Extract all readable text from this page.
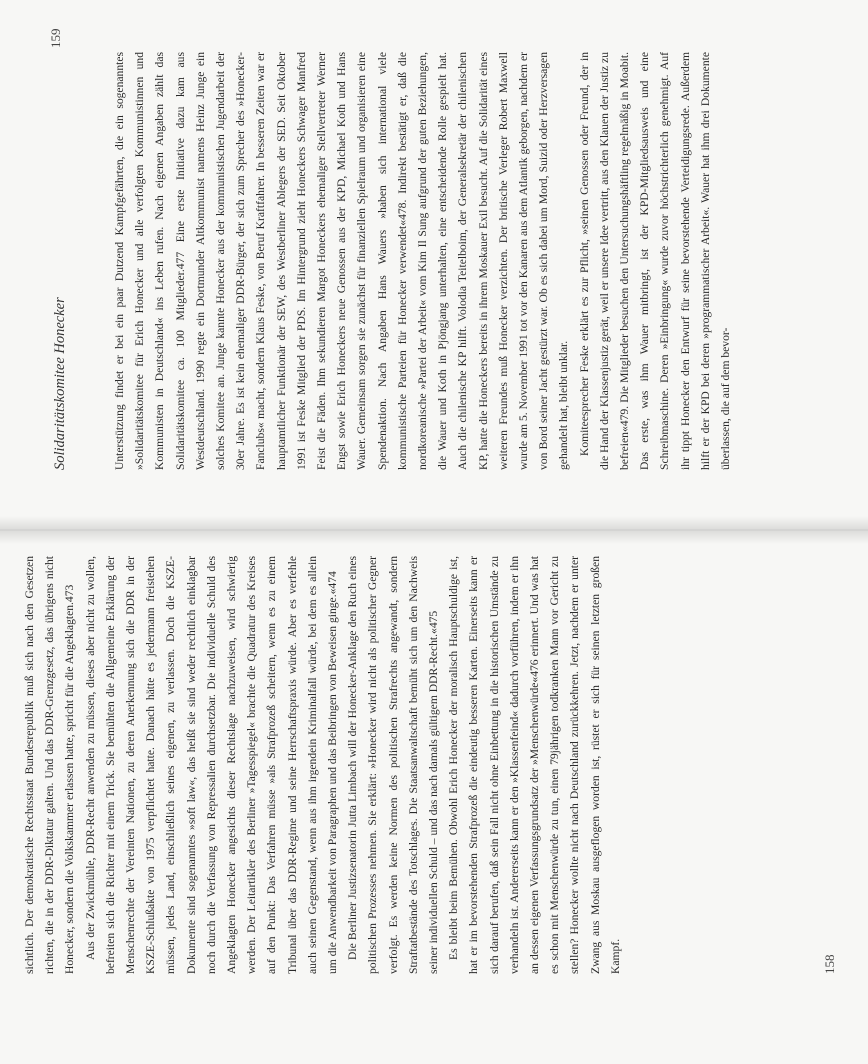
sichtlich. Der demokratische Rechtsstaat Bundesrepublik muß sich nach den Gesetzen richten, die in der DDR-Diktatur galten. Und das DDR-Grenzgesetz, das übrigens nicht Honecker, sondern die Volkskammer erlassen hatte, spricht für die Angeklagten.473 Aus der Zwickmühle, DDR-Recht anwenden zu müssen, dieses aber nicht zu wollen, befreiten sich die Richter mit einem Trick. Sie bemühten die Allgemeine Erklärung der Menschenrechte der Vereinten Nationen, zu deren Anerkennung sich die DDR in der KSZE-Schlußakte von 1975 verpflichtet hatte. Danach hätte es jedermann freistehen müssen, jedes Land, einschließlich seines eigenen, zu verlassen. Doch die KSZE-Dokumente sind sogenanntes »soft law«, das heißt sie sind weder rechtlich einklagbar noch durch die Verfassung von Repressalien durchsetzbar. Die individuelle Schuld des Angeklagten Honecker angesichts dieser Rechtslage nachzuweisen, wird schwierig werden. Der Leitartikler des Berliner »Tagesspiegel« brachte die Quadratur des Kreises auf den Punkt: Das Verfahren müsse »als Strafprozeß scheitern, wenn es zu einem Tribunal über das DDR-Regime und seine Herrschaftspraxis würde. Aber es verfehle auch seinen Gegenstand, wenn aus ihm irgendein Kriminalfall würde, bei dem es allein um die Anwendbarkeit von Paragraphen und das Beibringen von Beweisen ginge.«474 Die Berliner Justizsenatorin Jutta Limbach will der Honecker-Anklage den Ruch eines politischen Prozesses nehmen. Sie erklärt: »Honecker wird nicht als politischer Gegner verfolgt. Es werden keine Normen des politischen Strafrechts angewandt, sondern Straftatbestände des Totschlages. Die Staatsanwaltschaft bemüht sich um den Nachweis seiner individuellen Schuld – und das nach damals gültigem DDR-Recht.«475 Es bleibt beim Bemühen. Obwohl Erich Honecker der moralisch Hauptschuldige ist, hat er im bevorstehenden Strafprozeß die eindeutig besseren Karten. Einerseits kann er sich darauf berufen, daß sein Fall nicht ohne Einbettung in die historischen Umstände zu verhandeln ist. Andererseits kann er den »Klassenfeind« dadurch vorführen, indem er ihn an dessen eigenen Verfassungsgrundsatz der »Menschenwürde«476 erinnert. Und was hat es schon mit Menschenwürde zu tun, einen 79jährigen todkranken Mann vor Gericht zu stellen? Honecker wollte nicht nach Deutschland zurückkehren. Jetzt, nachdem er unter Zwang aus Moskau ausgeflogen worden ist, rüstet er sich für seinen letzten großen Kampf.	158
Solidaritätskomitee Honecker
159

Unterstützung findet er bei ein paar Dutzend Kampfgefährten, die ein sogenanntes »Solidaritätskomitee für Erich Honecker und alle verfolgten Kommunistinnen und Kommunisten in Deutschland« ins Leben rufen. Nach eigenen Angaben zählt das Solidaritätskomitee ca. 100 Mitglieder.477 Eine erste Initiative dazu kam aus Westdeutschland. 1990 regte ein Dortmunder Altkommunist namens Heinz Junge ein solches Komitee an. Junge kannte Honecker aus der kommunistischen Jugendarbeit der 30er Jahre. Es ist kein ehemaliger DDR-Bürger, der sich zum Sprecher des »Honecker-Fanclubs« macht, sondern Klaus Feske, von Beruf Kraftfahrer. In besseren Zeiten war er hauptamtlicher Funktionär der SEW, des Westberliner Ablegers der SED. Seit Oktober 1991 ist Feske Mitglied der PDS. Im Hintergrund zieht Honeckers Schwager Manfred Feist die Fäden. Ihm sekundieren Margot Honeckers ehemaliger Stellvertreter Werner Engst sowie Erich Honeckers neue Genossen aus der KPD, Michael Koth und Hans Wauer. Gemeinsam sorgen sie zunächst für finanziellen Spielraum und organisieren eine Spendenaktion. Nach Angaben Hans Wauers »haben sich international viele kommunistische Parteien für Honecker verwendet«478. Indirekt bestätigt er, daß die nordkoreanische »Partei der Arbeit« vom Kim Il Sung aufgrund der guten Beziehungen, die Wauer und Koth in Pjöngjang unterhalten, eine entscheidende Rolle gespielt hat. Auch die chilenische KP hilft. Volodia Teitelboim, der Generalsekretär der chilenischen KP, hatte die Honeckers bereits in ihrem Moskauer Exil besucht. Auf die Solidarität eines weiteren Freundes muß Honecker verzichten. Der britische Verleger Robert Maxwell wurde am 5. November 1991 tot vor den Kanaren aus dem Atlantik geborgen, nachdem er von Bord seiner Jacht gestürzt war. Ob es sich dabei um Mord, Suizid oder Herzversagen gehandelt hat, bleibt unklar. Komiteesprecher Feske erklärt es zur Pflicht, »seinen Genossen oder Freund, der in die Hand der Klassenjustiz gerät, weil er unsere Idee vertritt, aus den Klauen der Justiz zu befreien«479. Die Mitglieder besuchen den Untersuchungshäftling regelmäßig in Moabit. Das erste, was ihm Wauer mitbringt, ist der KPD-Mitgliedsausweis und eine Schreibmaschine. Deren »Einbringung« wurde zuvor höchstrichterlich genehmigt. Auf ihr tippt Honecker den Entwurf für seine bevorstehende Verteidigungsrede. Außerdem hilft er der KPD bei deren »programmatischer Arbeit«. Wauer hat ihm drei Dokumente überlassen, die auf dem bevor-
